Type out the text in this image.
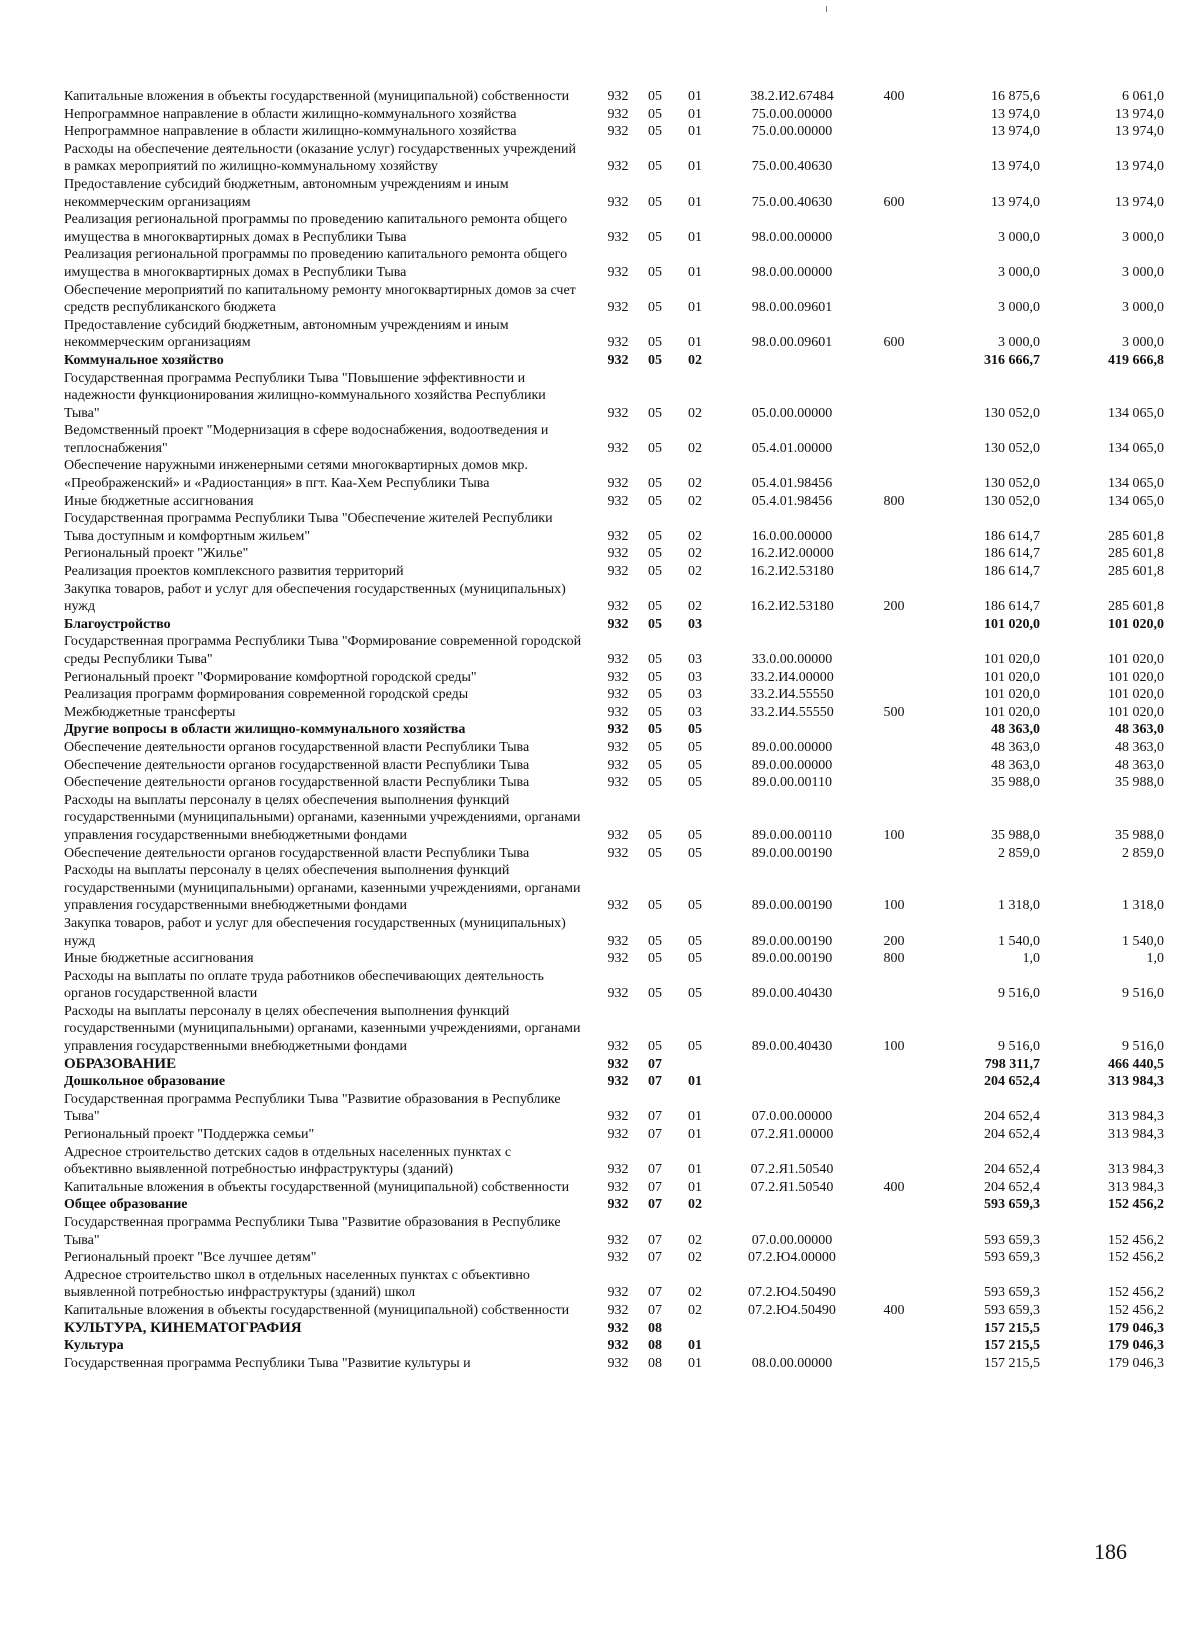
Капитальные вложения в объекты государственной (муниципальной) собственности	932	05	01	38.2.И2.67484	400	16 875,6	6 061,0
Непрограммное направление в области жилищно-коммунального хозяйства	932	05	01	75.0.00.00000		13 974,0	13 974,0
Непрограммное направление в области жилищно-коммунального хозяйства	932	05	01	75.0.00.00000		13 974,0	13 974,0
Расходы на обеспечение деятельности (оказание услуг) государственных учреждений в рамках мероприятий по жилищно-коммунальному хозяйству	932	05	01	75.0.00.40630		13 974,0	13 974,0
Предоставление субсидий бюджетным, автономным учреждениям и иным некоммерческим организациям	932	05	01	75.0.00.40630	600	13 974,0	13 974,0
Реализация региональной программы по проведению капитального ремонта общего имущества в многоквартирных домах в Республики Тыва	932	05	01	98.0.00.00000		3 000,0	3 000,0
Реализация региональной программы по проведению капитального ремонта общего имущества в многоквартирных домах в Республики Тыва	932	05	01	98.0.00.00000		3 000,0	3 000,0
Обеспечение мероприятий по капитальному ремонту многоквартирных домов за счет средств республиканского бюджета	932	05	01	98.0.00.09601		3 000,0	3 000,0
Предоставление субсидий бюджетным, автономным учреждениям и иным некоммерческим организациям	932	05	01	98.0.00.09601	600	3 000,0	3 000,0
Коммунальное хозяйство	932	05	02			316 666,7	419 666,8
Государственная программа Республики Тыва "Повышение эффективности и надежности функционирования жилищно-коммунального хозяйства Республики Тыва"	932	05	02	05.0.00.00000		130 052,0	134 065,0
Ведомственный проект "Модернизация в сфере водоснабжения, водоотведения и теплоснабжения"	932	05	02	05.4.01.00000		130 052,0	134 065,0
Обеспечение наружными инженерными сетями многоквартирных домов мкр. «Преображенский» и «Радиостанция» в пгт. Каа-Хем Республики Тыва	932	05	02	05.4.01.98456		130 052,0	134 065,0
Иные бюджетные ассигнования	932	05	02	05.4.01.98456	800	130 052,0	134 065,0
Государственная программа Республики Тыва "Обеспечение жителей Республики Тыва доступным и комфортным жильем"	932	05	02	16.0.00.00000		186 614,7	285 601,8
Региональный проект "Жилье"	932	05	02	16.2.И2.00000		186 614,7	285 601,8
Реализация проектов комплексного развития территорий	932	05	02	16.2.И2.53180		186 614,7	285 601,8
Закупка товаров, работ и услуг для обеспечения государственных (муниципальных) нужд	932	05	02	16.2.И2.53180	200	186 614,7	285 601,8
Благоустройство	932	05	03			101 020,0	101 020,0
Государственная программа Республики Тыва "Формирование современной городской среды Республики Тыва"	932	05	03	33.0.00.00000		101 020,0	101 020,0
Региональный проект "Формирование комфортной городской среды"	932	05	03	33.2.И4.00000		101 020,0	101 020,0
Реализация программ формирования современной городской среды	932	05	03	33.2.И4.55550		101 020,0	101 020,0
Межбюджетные трансферты	932	05	03	33.2.И4.55550	500	101 020,0	101 020,0
Другие вопросы в области жилищно-коммунального хозяйства	932	05	05			48 363,0	48 363,0
Обеспечение деятельности органов государственной власти Республики Тыва	932	05	05	89.0.00.00000		48 363,0	48 363,0
Обеспечение деятельности органов государственной власти Республики Тыва	932	05	05	89.0.00.00000		48 363,0	48 363,0
Обеспечение деятельности органов государственной власти Республики Тыва	932	05	05	89.0.00.00110		35 988,0	35 988,0
Расходы на выплаты персоналу в целях обеспечения выполнения функций государственными (муниципальными) органами, казенными учреждениями, органами управления государственными внебюджетными фондами	932	05	05	89.0.00.00110	100	35 988,0	35 988,0
Обеспечение деятельности органов государственной власти Республики Тыва	932	05	05	89.0.00.00190		2 859,0	2 859,0
Расходы на выплаты персоналу в целях обеспечения выполнения функций государственными (муниципальными) органами, казенными учреждениями, органами управления государственными внебюджетными фондами	932	05	05	89.0.00.00190	100	1 318,0	1 318,0
Закупка товаров, работ и услуг для обеспечения государственных (муниципальных) нужд	932	05	05	89.0.00.00190	200	1 540,0	1 540,0
Иные бюджетные ассигнования	932	05	05	89.0.00.00190	800	1,0	1,0
Расходы на выплаты по оплате труда работников обеспечивающих деятельность органов государственной власти	932	05	05	89.0.00.40430		9 516,0	9 516,0
Расходы на выплаты персоналу в целях обеспечения выполнения функций государственными (муниципальными) органами, казенными учреждениями, органами управления государственными внебюджетными фондами	932	05	05	89.0.00.40430	100	9 516,0	9 516,0
ОБРАЗОВАНИЕ	932	07				798 311,7	466 440,5
Дошкольное образование	932	07	01			204 652,4	313 984,3
Государственная программа Республики Тыва "Развитие образования в Республике Тыва"	932	07	01	07.0.00.00000		204 652,4	313 984,3
Региональный проект "Поддержка семьи"	932	07	01	07.2.Я1.00000		204 652,4	313 984,3
Адресное строительство детских садов в отдельных населенных пунктах с объективно выявленной потребностью инфраструктуры (зданий)	932	07	01	07.2.Я1.50540		204 652,4	313 984,3
Капитальные вложения в объекты государственной (муниципальной) собственности	932	07	01	07.2.Я1.50540	400	204 652,4	313 984,3
Общее образование	932	07	02			593 659,3	152 456,2
Государственная программа Республики Тыва "Развитие образования в Республике Тыва"	932	07	02	07.0.00.00000		593 659,3	152 456,2
Региональный проект "Все лучшее детям"	932	07	02	07.2.Ю4.00000		593 659,3	152 456,2
Адресное строительство школ в отдельных населенных пунктах с объективно выявленной потребностью инфраструктуры (зданий) школ	932	07	02	07.2.Ю4.50490		593 659,3	152 456,2
Капитальные вложения в объекты государственной (муниципальной) собственности	932	07	02	07.2.Ю4.50490	400	593 659,3	152 456,2
КУЛЬТУРА, КИНЕМАТОГРАФИЯ	932	08				157 215,5	179 046,3
Культура	932	08	01			157 215,5	179 046,3
Государственная программа Республики Тыва "Развитие культуры и	932	08	01	08.0.00.00000		157 215,5	179 046,3
186
